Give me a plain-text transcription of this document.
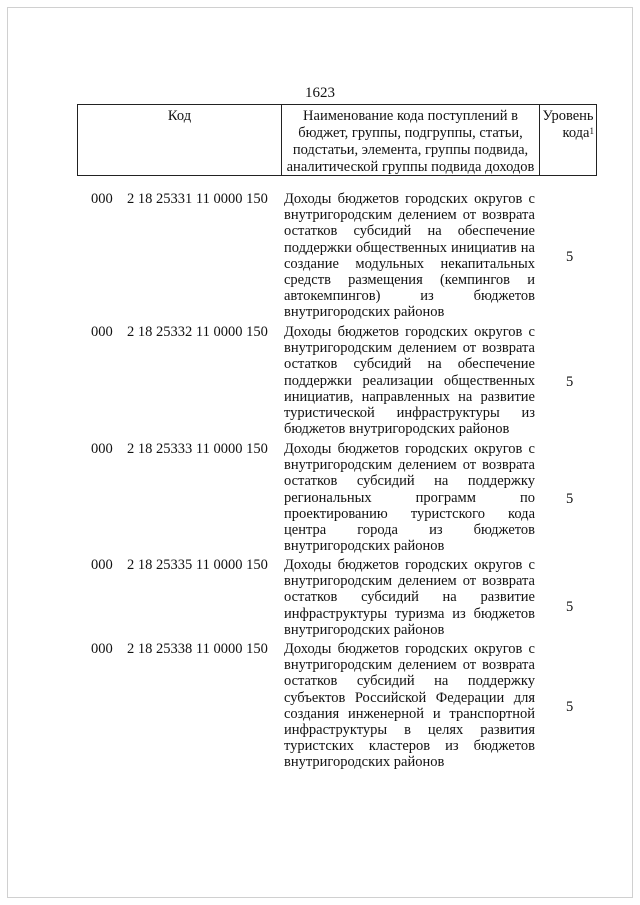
1623
Код	Наименование кода поступлений в
бюджет, группы, подгруппы, статьи,
подстатьи, элемента, группы подвида,
аналитической группы подвида доходов
Уровень
кода$^1$
000 2 18 25331 11 0000 150 Доходы бюджетов городских округов с
внутригородским делением от возврата
остатков субсидий на обеспечение
поддержки общественных инициатив на
создание модульных некапитальных
средств размещения (кемпингов и
автокемпингов) из бюджетов
внутригородских районов
5
000 2 18 25332 11 0000 150 Доходы бюджетов городских округов с
внутригородским делением от возврата
остатков субсидий на обеспечение
поддержки реализации общественных
инициатив, направленных на развитие
туристической инфраструктуры из
бюджетов внутригородских районов
5
000 2 18 25333 11 0000 150 Доходы бюджетов городских округов с
внутригородским делением от возврата
остатков субсидий на поддержку
региональных программ по
проектированию туристского кода
центра города из бюджетов
внутригородских районов
5
000 2 18 25335 11 0000 150 Доходы бюджетов городских округов с
внутригородским делением от возврата
остатков субсидий на развитие
инфраструктуры туризма из бюджетов
внутригородских районов
5
000 2 18 25338 11 0000 150 Доходы бюджетов городских округов с
внутригородским делением от возврата
остатков субсидий на поддержку
субъектов Российской Федерации для
создания инженерной и транспортной
инфраструктуры в целях развития
туристских кластеров из бюджетов
внутригородских районов
5
